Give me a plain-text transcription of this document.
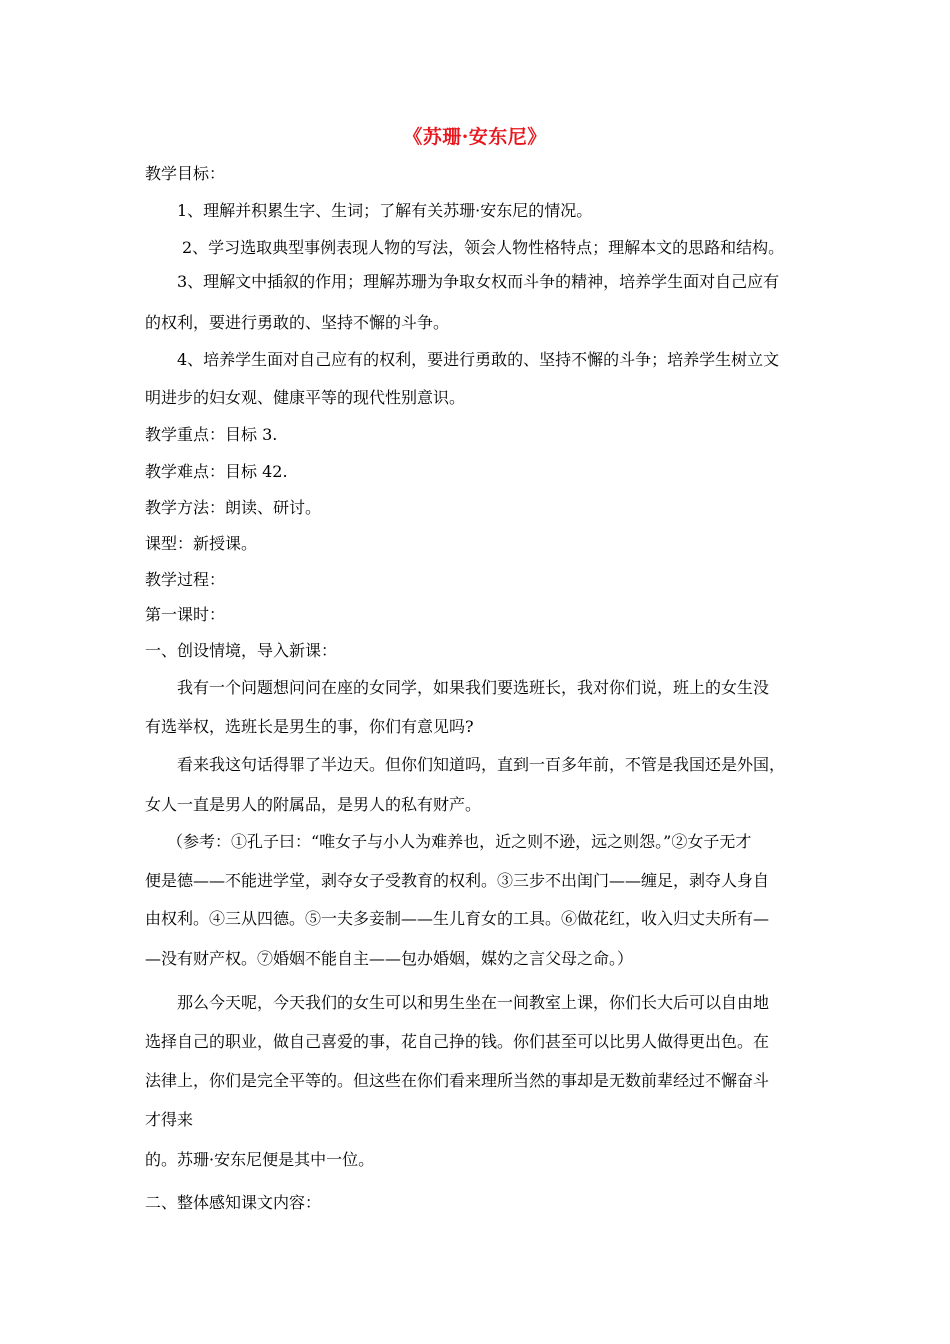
《苏珊·安东尼》
教学目标：
1、理解并积累生字、生词；了解有关苏珊·安东尼的情况。
2、学习选取典型事例表现人物的写法，领会人物性格特点；理解本文的思路和结构。
3、理解文中插叙的作用；理解苏珊为争取女权而斗争的精神，培养学生面对自己应有
的权利，要进行勇敢的、坚持不懈的斗争。
4、培养学生面对自己应有的权利，要进行勇敢的、坚持不懈的斗争；培养学生树立文
明进步的妇女观、健康平等的现代性别意识。
教学重点：目标 3.
教学难点：目标 42.
教学方法：朗读、研讨。
课型：新授课。
教学过程：
第一课时：
一、创设情境，导入新课：
我有一个问题想问问在座的女同学，如果我们要选班长，我对你们说，班上的女生没
有选举权，选班长是男生的事，你们有意见吗?
看来我这句话得罪了半边天。但你们知道吗，直到一百多年前，不管是我国还是外国，
女人一直是男人的附属品，是男人的私有财产。
（参考：①孔子曰：“唯女子与小人为难养也，近之则不逊，远之则怨。”②女子无才
便是德——不能进学堂，剥夺女子受教育的权利。③三步不出闺门——缠足，剥夺人身自
由权利。④三从四德。⑤一夫多妾制——生儿育女的工具。⑥做花红，收入归丈夫所有—
—没有财产权。⑦婚姻不能自主——包办婚姻，媒妁之言父母之命。）
那么今天呢，今天我们的女生可以和男生坐在一间教室上课，你们长大后可以自由地
选择自己的职业，做自己喜爱的事，花自己挣的钱。你们甚至可以比男人做得更出色。在
法律上，你们是完全平等的。但这些在你们看来理所当然的事却是无数前辈经过不懈奋斗
才得来
的。苏珊·安东尼便是其中一位。
二、整体感知课文内容：
